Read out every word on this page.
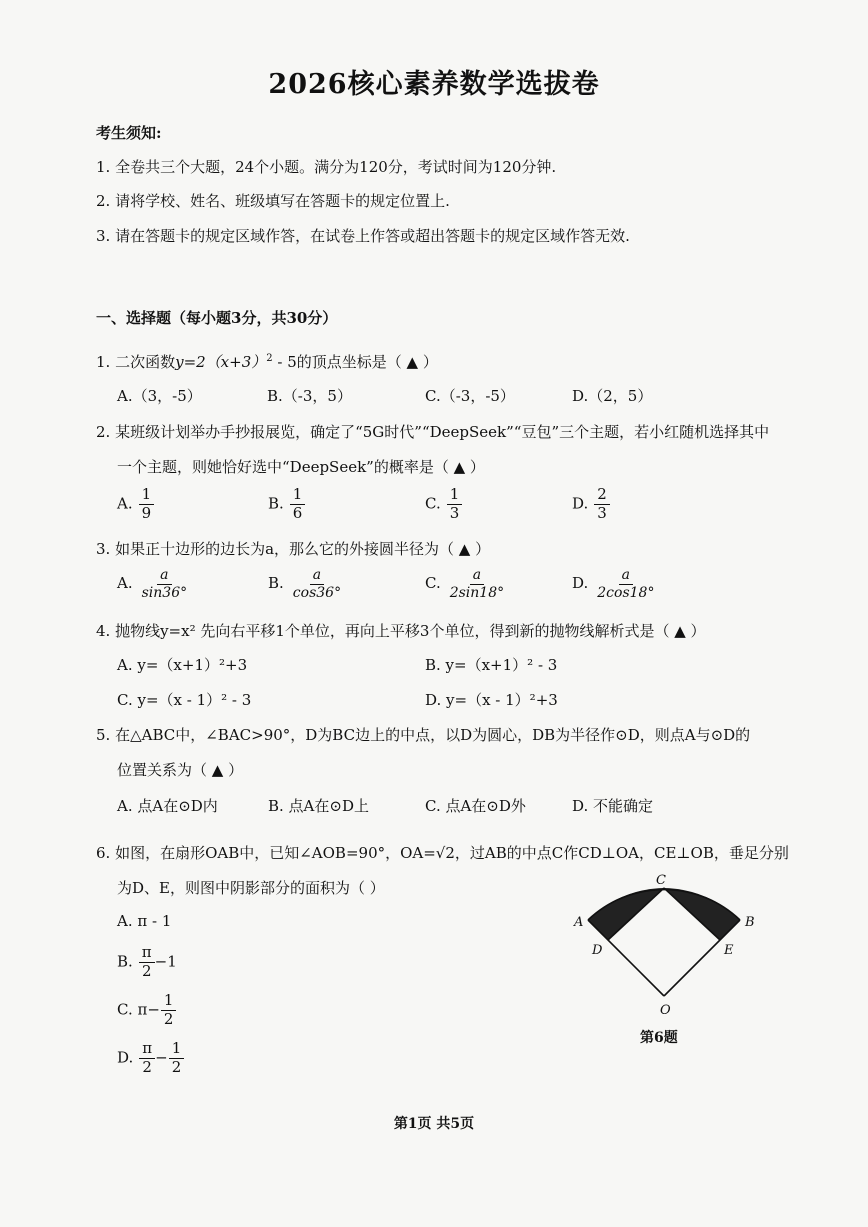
2026核心素养数学选拔卷
考生须知:
1. 全卷共三个大题，24个小题。满分为120分，考试时间为120分钟.
2. 请将学校、姓名、班级填写在答题卡的规定位置上.
3. 请在答题卡的规定区域作答，在试卷上作答或超出答题卡的规定区域作答无效.
一、选择题（每小题3分，共30分）
1. 二次函数$y=2(x+3)^2 - 5$的顶点坐标是（ ▲ ）
A.（3，-5）	B.（-3，5）	C.（-3，-5）	D.（2，5）
2. 某班级计划举办手抄报展览，确定了“5G时代”“DeepSeek”“豆包”三个主题，若小红随机选择其中
一个主题，则她恰好选中“DeepSeek”的概率是（ ▲ ）
A. $\frac{1}{9}$	B. $\frac{1}{6}$	C. $\frac{1}{3}$	D. $\frac{2}{3}$
3. 如果正十边形的边长为a，那么它的外接圆半径为（ ▲ ）
A. $\frac{a}{\sin 36^\circ}$	B. $\frac{a}{\cos 36^\circ}$	C. $\frac{a}{2\sin 18^\circ}$	D. $\frac{a}{2\cos 18^\circ}$
4. 抛物线y=x² 先向右平移1个单位，再向上平移3个单位，得到新的抛物线解析式是（ ▲ ）
A. y=（x+1）²+3	B. y=（x+1）² - 3
C. y=（x - 1）² - 3	D. y=（x - 1）²+3
5. 在△ABC中，∠BAC>90°，D为BC边上的中点，以D为圆心，DB为半径作⊙D，则点A与⊙D的
位置关系为（ ▲ ）
A. 点A在⊙D内	B. 点A在⊙D上	C. 点A在⊙D外	D. 不能确定
6. 如图，在扇形OAB中，已知∠AOB=90°，OA=√2，过AB的中点C作CD⊥OA，CE⊥OB，垂足分别
为D、E，则图中阴影部分的面积为（ ）
A. π - 1
B. $\frac{\pi}{2} -1$
C. $\pi- \frac{1}{2}$
D. $\frac{\pi}{2} - \frac{1}{2}$
C
A	B
D	E
O
第6题
第1页 共5页
